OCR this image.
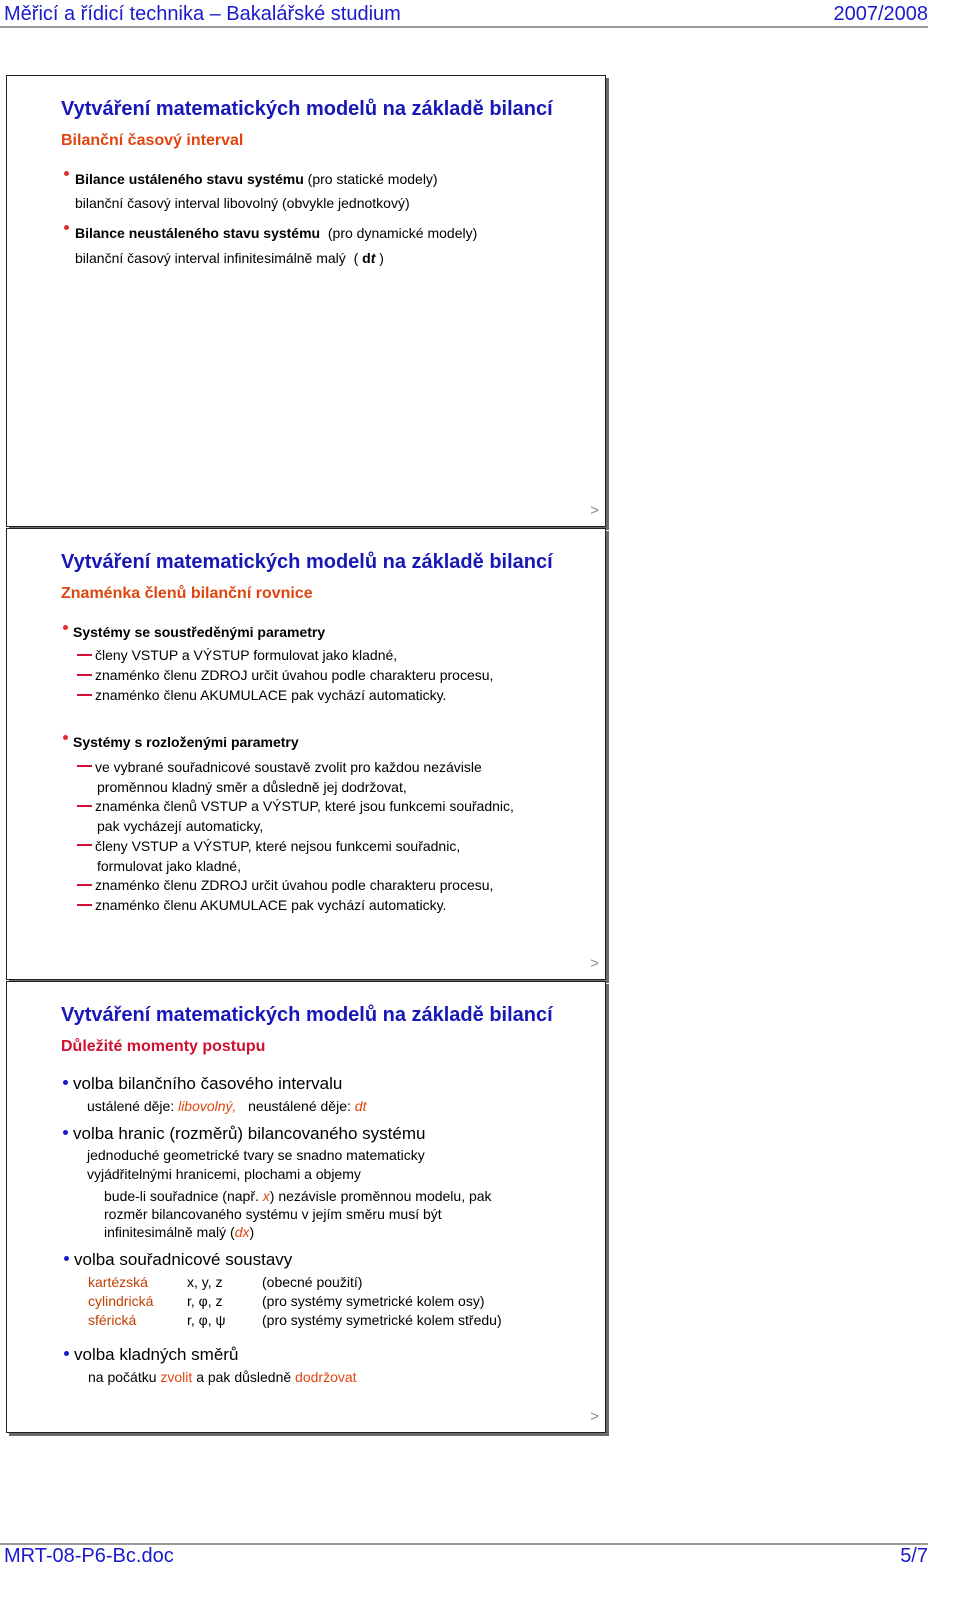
Měřicí a řídicí technika – Bakalářské studium	2007/2008
Vytváření matematických modelů na základě bilancí
Bilanční časový interval
Bilance ustáleného stavu systému (pro statické modely)
bilanční časový interval libovolný (obvykle jednotkový)
Bilance neustáleného stavu systému (pro dynamické modely)
bilanční časový interval infinitesimálně malý ( dt )
>
Vytváření matematických modelů na základě bilancí
Znaménka členů bilanční rovnice
Systémy se soustředěnými parametry
členy VSTUP a VÝSTUP formulovat jako kladné,
znaménko členu ZDROJ určit úvahou podle charakteru procesu,
znaménko členu AKUMULACE pak vychází automaticky.
Systémy s rozloženými parametry
ve vybrané souřadnicové soustavě zvolit pro každou nezávisle
proměnnou kladný směr a důsledně jej dodržovat,
znaménka členů VSTUP a VÝSTUP, které jsou funkcemi souřadnic,
pak vycházejí automaticky,
členy VSTUP a VÝSTUP, které nejsou funkcemi souřadnic,
formulovat jako kladné,
znaménko členu ZDROJ určit úvahou podle charakteru procesu,
znaménko členu AKUMULACE pak vychází automaticky.
>
Vytváření matematických modelů na základě bilancí
Důležité momenty postupu
volba bilančního časového intervalu
ustálené děje: libovolný, neustálené děje: dt
volba hranic (rozměrů) bilancovaného systému
jednoduché geometrické tvary se snadno matematicky
vyjádřitelnými hranicemi, plochami a objemy
bude-li souřadnice (např. x) nezávisle proměnnou modelu, pak
rozměr bilancovaného systému v jejím směru musí být
infinitesimálně malý (dx)
volba souřadnicové soustavy
kartézská	x, y, z	(obecné použití)
cylindrická r, φ, z	(pro systémy symetrické kolem osy)
sférická	r, φ, ψ	(pro systémy symetrické kolem středu)
volba kladných směrů
na počátku zvolit a pak důsledně dodržovat
>
MRT-08-P6-Bc.doc	5/7
